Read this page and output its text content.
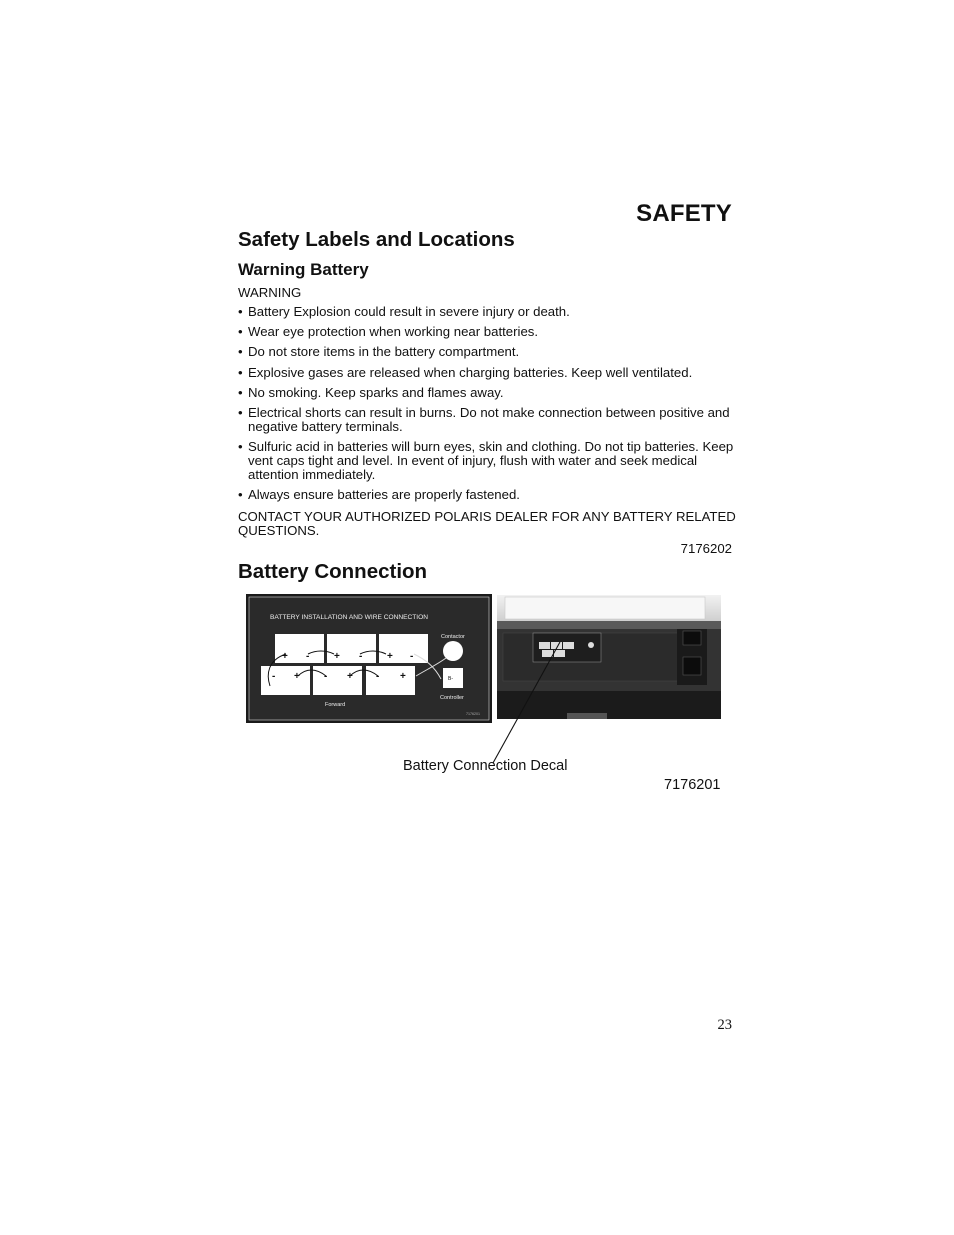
SAFETY
Safety Labels and Locations
Warning Battery
WARNING
• Battery Explosion could result in severe injury or death.
• Wear eye protection when working near batteries.
• Do not store items in the battery compartment.
• Explosive gases are released when charging batteries. Keep well ventilated.
• No smoking. Keep sparks and flames away.
• Electrical shorts can result in burns. Do not make connection between positive and negative battery terminals.
• Sulfuric acid in batteries will burn eyes, skin and clothing. Do not tip batteries. Keep vent caps tight and level. In event of injury, flush with water and seek medical attention immediately.
• Always ensure batteries are properly fastened.
CONTACT YOUR AUTHORIZED POLARIS DEALER FOR ANY BATTERY RELATED QUESTIONS.
7176202
Battery Connection
BATTERY INSTALLATION AND WIRE CONNECTION
+ - + - + -
- + - + - +
Contactor
B-
Controller
Forward
7176201
Battery Connection Decal
7176201
23
